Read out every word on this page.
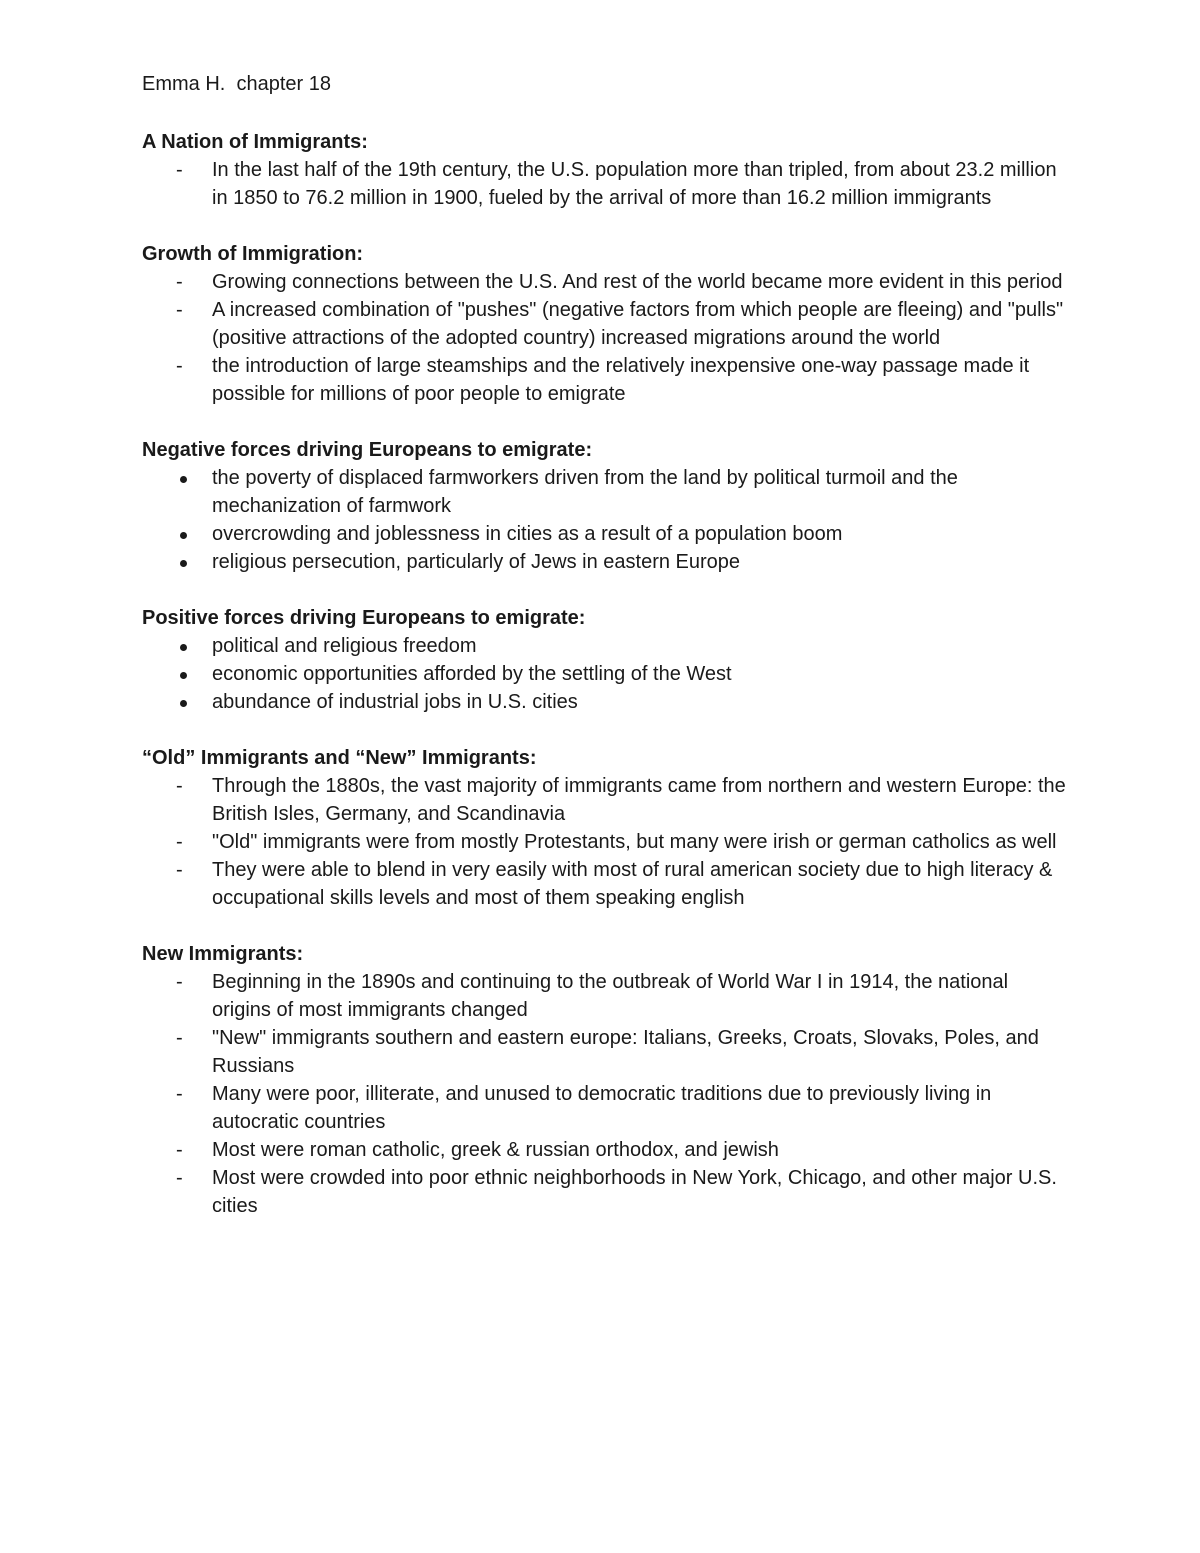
Emma H.  chapter 18
A Nation of Immigrants:
-
In the last half of the 19th century, the U.S. population more than tripled, from about 23.2 million in 1850 to 76.2 million in 1900, fueled by the arrival of more than 16.2 million immigrants
Growth of Immigration:
-
Growing connections between the U.S. And rest of the world became more evident in this period
-
A increased combination of "pushes" (negative factors from which people are fleeing) and "pulls" (positive attractions of the adopted country) increased migrations around the world
-
the introduction of large steamships and the relatively inexpensive one-way passage made it possible for millions of poor people to emigrate
Negative forces driving Europeans to emigrate:
the poverty of displaced farmworkers driven from the land by political turmoil and the mechanization of farmwork
overcrowding and joblessness in cities as a result of a population boom
religious persecution, particularly of Jews in eastern Europe
Positive forces driving Europeans to emigrate:
political and religious freedom
economic opportunities afforded by the settling of the West
abundance of industrial jobs in U.S. cities
“Old” Immigrants and “New” Immigrants:
-
Through the 1880s, the vast majority of immigrants came from northern and western Europe: the British Isles, Germany, and Scandinavia
-
"Old" immigrants were from mostly Protestants, but many were irish or german catholics as well
-
They were able to blend in very easily with most of rural american society due to high literacy & occupational skills levels and most of them speaking english
New Immigrants:
-
Beginning in the 1890s and continuing to the outbreak of World War I in 1914, the national origins of most immigrants changed
-
"New" immigrants southern and eastern europe: Italians, Greeks, Croats, Slovaks, Poles, and Russians
-
Many were poor, illiterate, and unused to democratic traditions due to previously living in autocratic countries
-
Most were roman catholic, greek & russian orthodox, and jewish
-
Most were crowded into poor ethnic neighborhoods in New York, Chicago, and other major U.S. cities
